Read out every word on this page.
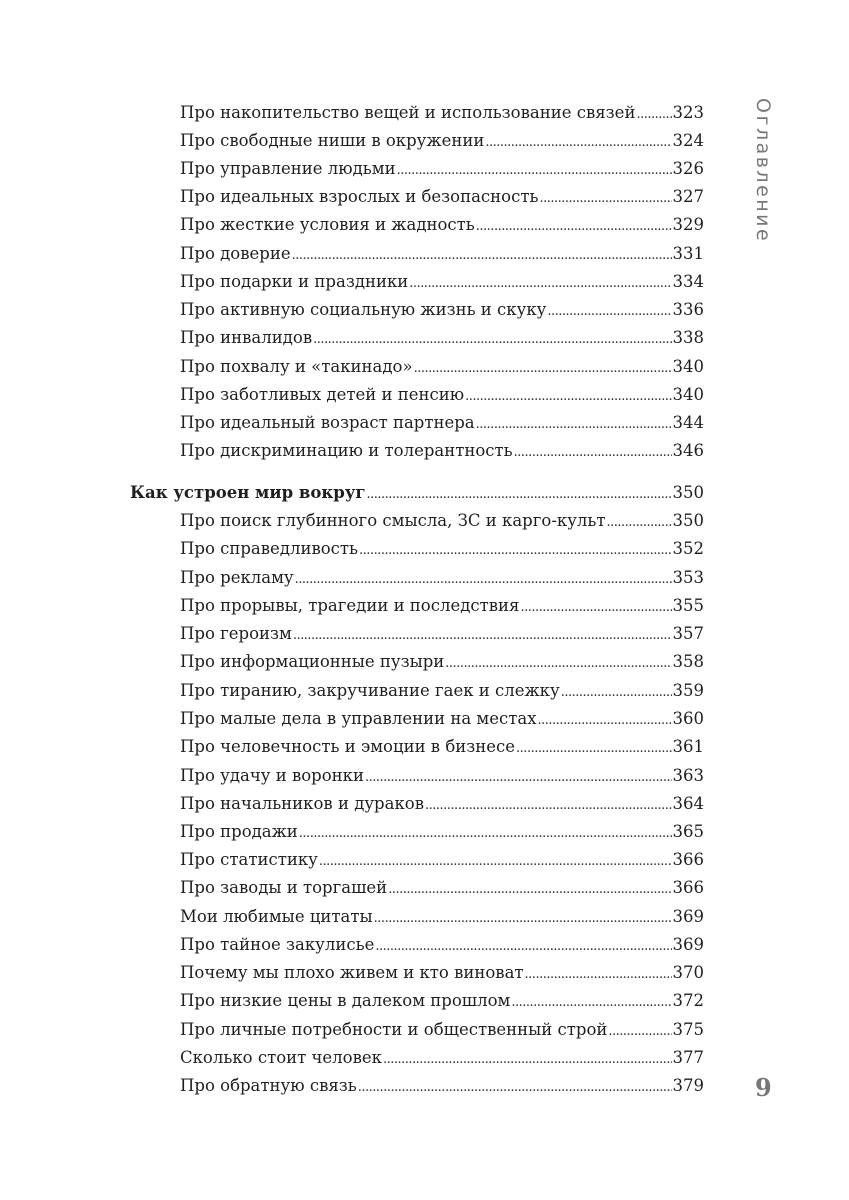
Про накопительство вещей и использование связей ..... 323
Про свободные ниши в окружении .....	324
Про управление людьми .....	326
Про идеальных взрослых и безопасность .....	327
Про жесткие условия и жадность .....	329
Про доверие .....	331
Про подарки и праздники .....	334
Про активную социальную жизнь и скуку .....	336
Про инвалидов .....	338
Про похвалу и «такинадо» .....	340
Про заботливых детей и пенсию .....	340
Про идеальный возраст партнера .....	344
Про дискриминацию и толерантность .....	346
Как устроен мир вокруг .....	350
Про поиск глубинного смысла, ЗС и карго-культ .....	350
Про справедливость .....	352
Про рекламу .....	353
Про прорывы, трагедии и последствия .....	355
Про героизм .....	357
Про информационные пузыри .....	358
Про тиранию, закручивание гаек и слежку .....	359
Про малые дела в управлении на местах .....	360
Про человечность и эмоции в бизнесе .....	361
Про удачу и воронки .....	363
Про начальников и дураков .....	364
Про продажи .....	365
Про статистику .....	366
Про заводы и торгашей .....	366
Мои любимые цитаты .....	369
Про тайное закулисье .....	369
Почему мы плохо живем и кто виноват .....	370
Про низкие цены в далеком прошлом .....	372
Про личные потребности и общественный строй .....	375
Сколько стоит человек .....	377
Про обратную связь .....	379
Оглавление
9
